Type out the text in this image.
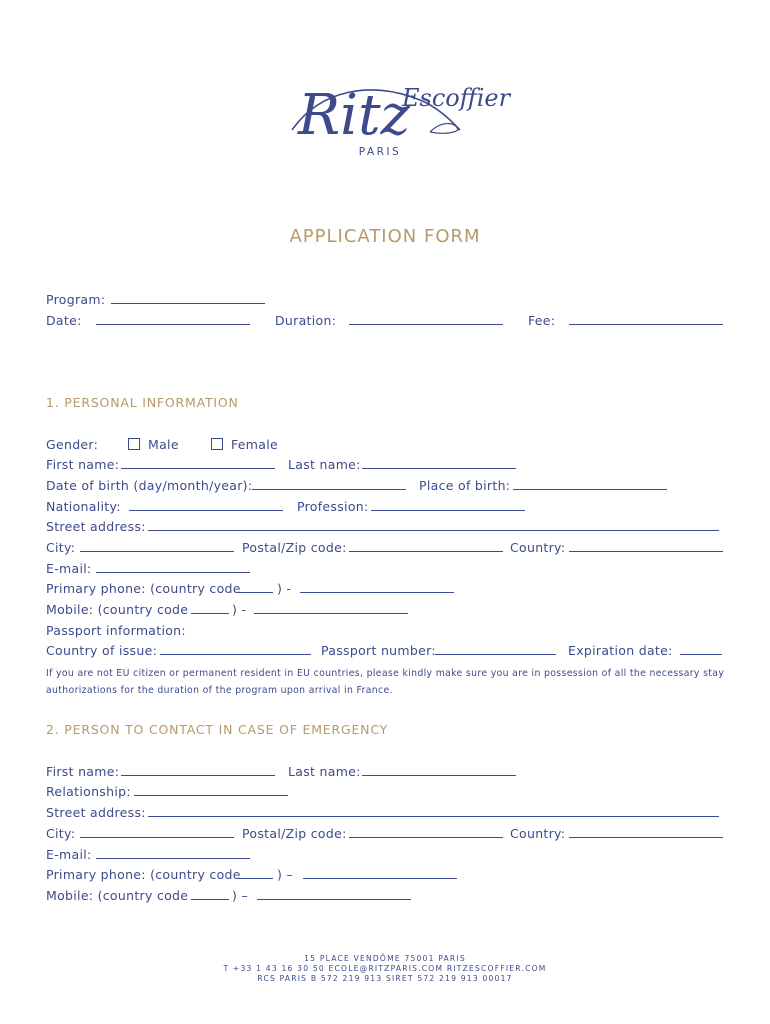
Ritz
Escoffier
PARIS
APPLICATION FORM
Program:
Date:	Duration:	Fee:
1. PERSONAL INFORMATION
Gender:	Male	Female
First name:	Last name:
Date of birth (day/month/year):	Place of birth:
Nationality:	Profession:
Street address:
City:	Postal/Zip code:	Country:
E-mail:
Primary phone: (country code	) -
Mobile: (country code	) -
Passport information:
Country of issue:	Passport number:	Expiration date:
If you are not EU citizen or permanent resident in EU countries, please kindly make sure you are in possession of all the necessary stay
authorizations for the duration of the program upon arrival in France.
2. PERSON TO CONTACT IN CASE OF EMERGENCY
First name:	Last name:
Relationship:
Street address:
City:	Postal/Zip code:	Country:
E-mail:
Primary phone: (country code	) –
Mobile: (country code	) –
15 PLACE VENDÔME 75001 PARIS
T +33 1 43 16 30 50 ECOLE@RITZPARIS.COM RITZESCOFFIER.COM
RCS PARIS B 572 219 913 SIRET 572 219 913 00017
